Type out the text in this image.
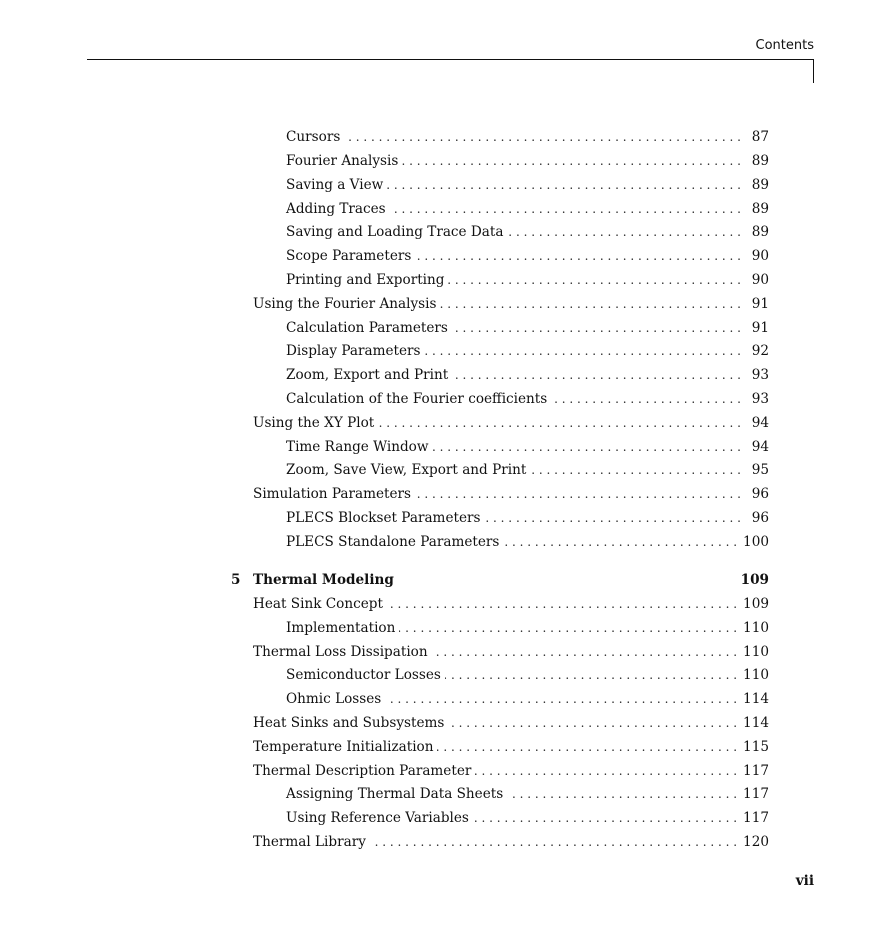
Contents
Cursors . . .	87
Fourier Analysis . . .	89
Saving a View . . .	89
Adding Traces . . .	89
Saving and Loading Trace Data . . .	89
Scope Parameters . . .	90
Printing and Exporting . . .	90
Using the Fourier Analysis . . .	91
Calculation Parameters . . .	91
Display Parameters . . .	92
Zoom, Export and Print . . .	93
Calculation of the Fourier coefficients . . .	93
Using the XY Plot . . .	94
Time Range Window . . .	94
Zoom, Save View, Export and Print . . .	95
Simulation Parameters . . .	96
PLECS Blockset Parameters . . .	96
PLECS Standalone Parameters . . .	100
5 Thermal Modeling	109
Heat Sink Concept . . .	109
Implementation . . .	110
Thermal Loss Dissipation . . .	110
Semiconductor Losses . . .	110
Ohmic Losses . . .	114
Heat Sinks and Subsystems . . .	114
Temperature Initialization . . .	115
Thermal Description Parameter . . .	117
Assigning Thermal Data Sheets . . .	117
Using Reference Variables . . .	117
Thermal Library . . .	120
vii
